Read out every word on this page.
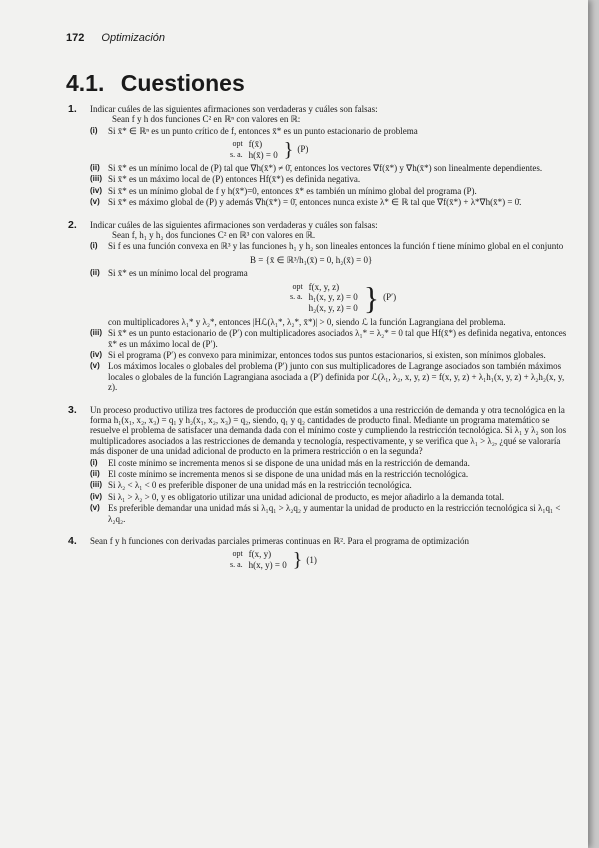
172 Optimización
4.1. Cuestiones
1. Indicar cuáles de las siguientes afirmaciones son verdaderas y cuáles son falsas:
Sean f y h dos funciones C² en ℝⁿ con valores en ℝ:
(i) Si x̄* ∈ ℝⁿ es un punto crítico de f, entonces x̄* es un punto estacionario de problema
opt
s. a.
f(x̄)
h(x̄) = 0 } (P)
(ii) Si x̄* es un mínimo local de (P) tal que ∇h(x̄*) ≠ 0̄, entonces los vectores ∇f(x̄*) y ∇h(x̄*) son linealmente dependientes.
(iii) Si x̄* es un máximo local de (P) entonces Hf(x̄*) es definida negativa.
(iv) Si x̄* es un mínimo global de f y h(x̄*)=0, entonces x̄* es también un mínimo global del programa (P).
(v) Si x̄* es máximo global de (P) y además ∇h(x̄*) = 0̄, entonces nunca existe λ* ∈ ℝ tal que ∇f(x̄*) + λ*∇h(x̄*) = 0̄.
2. Indicar cuáles de las siguientes afirmaciones son verdaderas y cuáles son falsas:
Sean f, h₁ y h₂ dos funciones C² en ℝ³ con valores en ℝ.
(i) Si f es una función convexa en ℝ³ y las funciones h₁ y h₂ son lineales entonces la función f tiene mínimo global en el conjunto
B = {x̄ ∈ ℝ³/h₁(x̄) = 0, h₂(x̄) = 0}
(ii) Si x̄* es un mínimo local del programa
opt
s. a.

f(x, y, z)
h₁(x, y, z) = 0
h₂(x, y, z) = 0 } (P′)
con multiplicadores λ₁* y λ₂*, entonces |Hℒ(λ₁*, λ₂*, x̄*)| > 0, siendo ℒ la función Lagrangiana del problema.
(iii) Si x̄* es un punto estacionario de (P′) con multiplicadores asociados λ₁* = λ₂* = 0 tal que Hf(x̄*) es definida negativa, entonces x̄* es un máximo local de (P′).
(iv) Si el programa (P′) es convexo para minimizar, entonces todos sus puntos estacionarios, si existen, son mínimos globales.
(v) Los máximos locales o globales del problema (P′) junto con sus multiplicadores de Lagrange asociados son también máximos locales o globales de la función Lagrangiana asociada a (P′) definida por ℒ(λ₁, λ₂, x, y, z) = f(x, y, z) + λ₁h₁(x, y, z) + λ₂h₂(x, y, z).
3. Un proceso productivo utiliza tres factores de producción que están sometidos a una restricción de demanda y otra tecnológica en la forma h₁(x₁, x₂, x₃) = q₁ y h₂(x₁, x₂, x₃) = q₂, siendo, q₁ y q₂ cantidades de producto final. Mediante un programa matemático se resuelve el problema de satisfacer una demanda dada con el mínimo coste y cumpliendo la restricción tecnológica. Si λ₁ y λ₂ son los multiplicadores asociados a las restricciones de demanda y tecnología, respectivamente, y se verifica que λ₁ > λ₂, ¿qué se valoraría más disponer de una unidad adicional de producto en la primera restricción o en la segunda?
(i) El coste mínimo se incrementa menos si se dispone de una unidad más en la restricción de demanda.
(ii) El coste mínimo se incrementa menos si se dispone de una unidad más en la restricción tecnológica.
(iii) Si λ₂ < λ₁ < 0 es preferible disponer de una unidad más en la restricción tecnológica.
(iv) Si λ₁ > λ₂ > 0, y es obligatorio utilizar una unidad adicional de producto, es mejor añadirlo a la demanda total.
(v) Es preferible demandar una unidad más si λ₁q₁ > λ₂q₂ y aumentar la unidad de producto en la restricción tecnológica si λ₁q₁ < λ₂q₂.
4. Sean f y h funciones con derivadas parciales primeras continuas en ℝ². Para el programa de optimización
opt
s. a.
f(x, y)
h(x, y) = 0 } (1)
